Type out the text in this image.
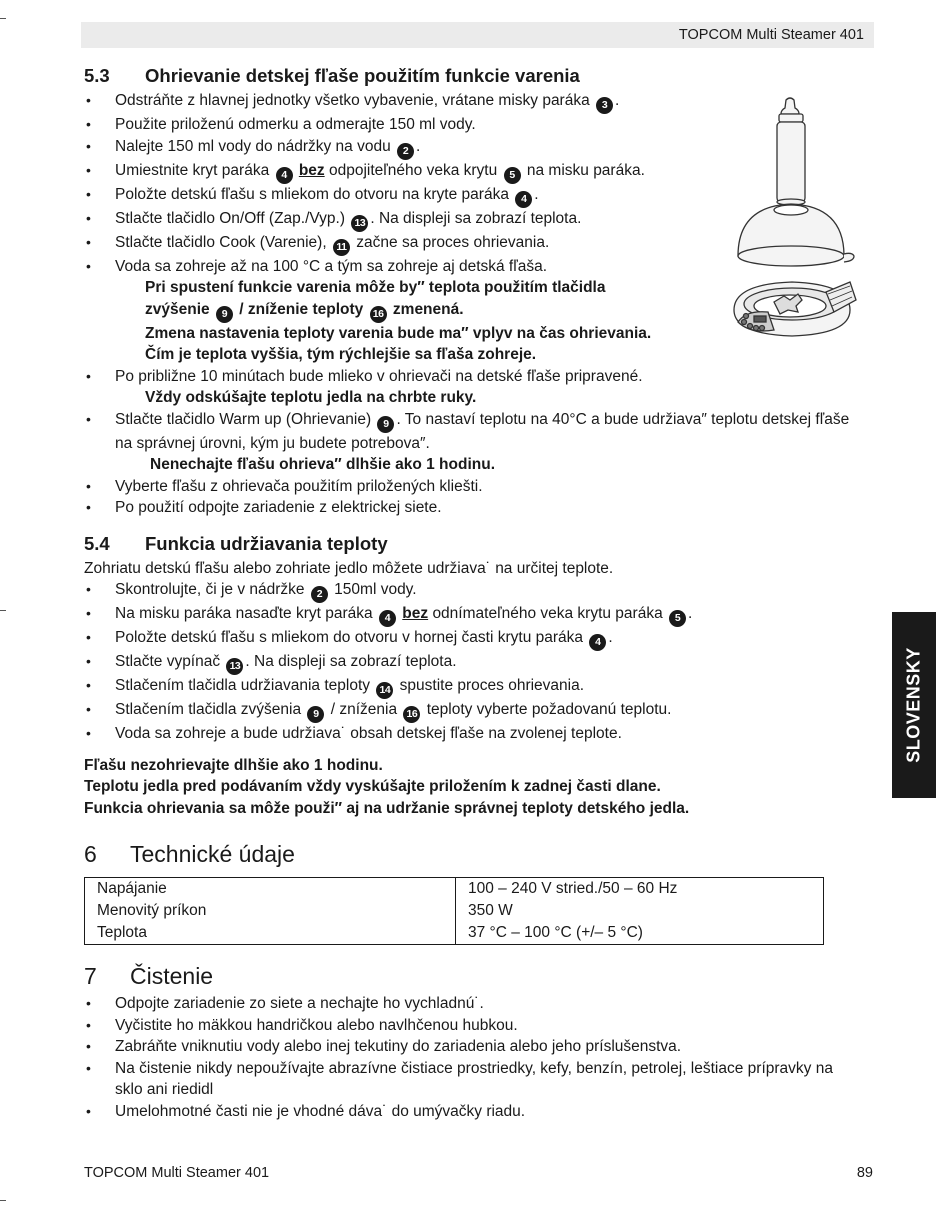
TOPCOM Multi Steamer 401
SLOVENSKY
5.3	Ohrievanie detskej fľaše použitím funkcie varenia
• Odstráňte z hlavnej jednotky všetko vybavenie, vrátane misky paráka 3 .
• Použite priloženú odmerku a odmerajte 150 ml vody.
• Nalejte 150 ml vody do nádržky na vodu 2 .
• Umiestnite kryt paráka 4 bez odpojiteľného veka krytu 5 na misku paráka.
• Položte detskú fľašu s mliekom do otvoru na kryte paráka 4 .
• Stlačte tlačidlo On/Off (Zap./Vyp.) 13 . Na displeji sa zobrazí teplota.
• Stlačte tlačidlo Cook (Varenie), 11 začne sa proces ohrievania.
• Voda sa zohreje až na 100 °C a tým sa zohreje aj detská fľaša.
Pri spustení funkcie varenia môže by″ teplota použitím tlačidla
zvýšenie 9 / zníženie teploty 16 zmenená.
Zmena nastavenia teploty varenia bude ma″ vplyv na čas ohrievania.
Čím je teplota vyššia, tým rýchlejšie sa fľaša zohreje.
• Po približne 10 minútach bude mlieko v ohrievači na detské fľaše pripravené.
Vždy odskúšajte teplotu jedla na chrbte ruky.
• Stlačte tlačidlo Warm up (Ohrievanie) 9 . To nastaví teplotu na 40°C a bude udržiava″ teplotu detskej fľaše na správnej úrovni, kým ju budete potrebova″.
Nenechajte fľašu ohrieva″ dlhšie ako 1 hodinu.
• Vyberte fľašu z ohrievača použitím priložených kliešti.
• Po použití odpojte zariadenie z elektrickej siete.
5.4	Funkcia udržiavania teploty

Zohriatu detskú fľašu alebo zohriate jedlo môžete udržiava˙ na určitej teplote.

• Skontrolujte, či je v nádržke 2 150ml vody.
• Na misku paráka nasaďte kryt paráka 4 bez odnímateľného veka krytu paráka 5 .
• Položte detskú fľašu s mliekom do otvoru v hornej časti krytu paráka 4 .
• Stlačte vypínač 13 . Na displeji sa zobrazí teplota.
• Stlačením tlačidla udržiavania teploty 14 spustite proces ohrievania.
• Stlačením tlačidla zvýšenia 9 / zníženia 16 teploty vyberte požadovanú teplotu.
• Voda sa zohreje a bude udržiava˙ obsah detskej fľaše na zvolenej teplote.
Fľašu nezohrievajte dlhšie ako 1 hodinu.
Teplotu jedla pred podávaním vždy vyskúšajte priložením k zadnej časti dlane.
Funkcia ohrievania sa môže použi″ aj na udržanie správnej teploty detského jedla.
6	Technické údaje
Napájanie	100 – 240 V stried./50 – 60 Hz
Menovitý príkon	350 W
Teplota	37 °C – 100 °C (+/– 5 °C)
7	Čistenie
• Odpojte zariadenie zo siete a nechajte ho vychladnú˙.
• Vyčistite ho mäkkou handričkou alebo navlhčenou hubkou.
• Zabráňte vniknutiu vody alebo inej tekutiny do zariadenia alebo jeho príslušenstva.
• Na čistenie nikdy nepoužívajte abrazívne čistiace prostriedky, kefy, benzín, petrolej, leštiace prípravky na sklo ani riedidl
• Umelohmotné časti nie je vhodné dáva˙ do umývačky riadu.
TOPCOM Multi Steamer 401	89
